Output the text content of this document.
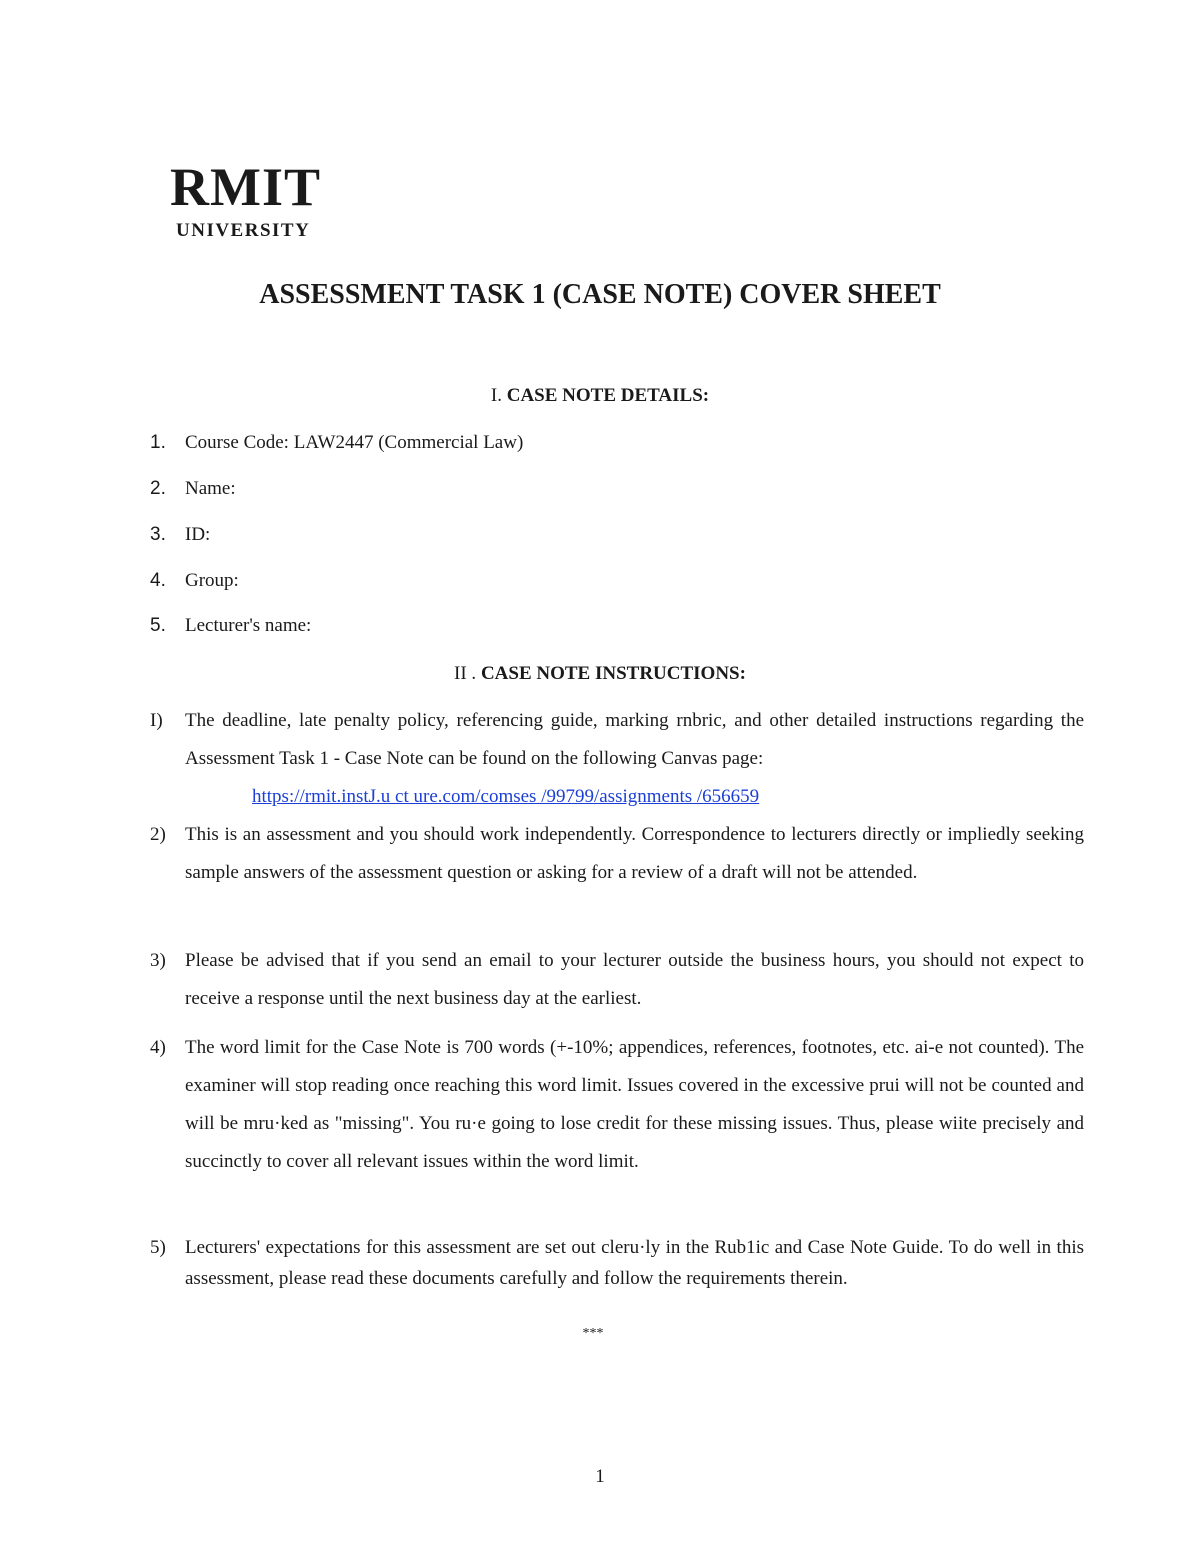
RMIT
UNIVERSITY
ASSESSMENT TASK 1 (CASE NOTE) COVER SHEET
I. CASE NOTE DETAILS:
1. Course Code: LAW2447 (Commercial Law)
2. Name:
3. ID:
4. Group:
5. Lecturer's name:
II . CASE NOTE INSTRUCTIONS:
I)	The deadline, late penalty policy, referencing guide, marking rnbric, and other detailed instructions regarding the Assessment Task 1 - Case Note can be found on the following Canvas page:
https://rmit.instJ.u ct ure.com/comses /99799/assignments /656659
2)	This is an assessment and you should work independently. Correspondence to lecturers directly or impliedly seeking sample answers of the assessment question or asking for a review of a draft will not be attended.
3)	Please be advised that if you send an email to your lecturer outside the business hours, you should not expect to receive a response until the next business day at the earliest.
4)	The word limit for the Case Note is 700 words (+-10%; appendices, references, footnotes, etc. ai-e not counted). The examiner will stop reading once reaching this word limit. Issues covered in the excessive prui will not be counted and will be mru·ked as "missing". You ru·e going to lose credit for these missing issues. Thus, please wiite precisely and succinctly to cover all relevant issues within the word limit.
5)	Lecturers' expectations for this assessment are set out cleru·ly in the Rub1ic and Case Note Guide. To do well in this assessment, please read these documents carefully and follow the requirements therein.
***
1
